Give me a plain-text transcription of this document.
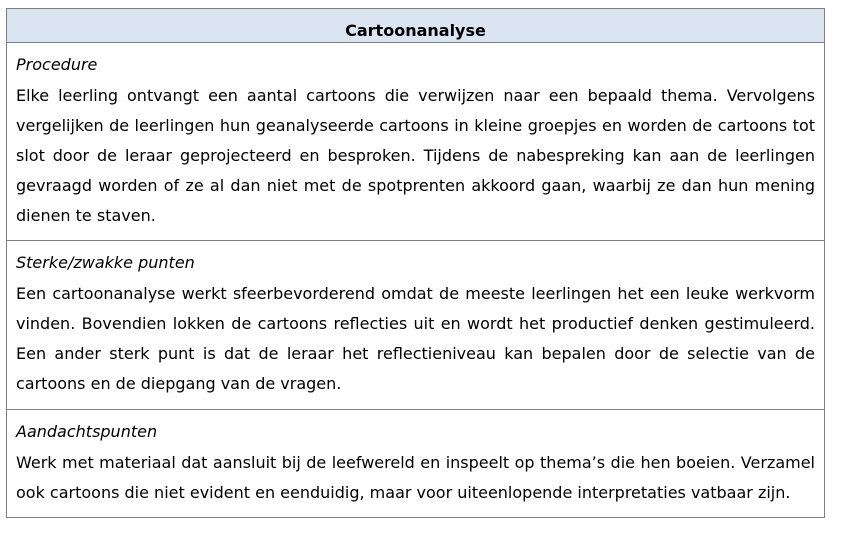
Cartoonanalyse
Procedure
Elke leerling ontvangt een aantal cartoons die verwijzen naar een bepaald thema. Vervolgens vergelijken de leerlingen hun geanalyseerde cartoons in kleine groepjes en worden de cartoons tot slot door de leraar geprojecteerd en besproken. Tijdens de nabespreking kan aan de leerlingen gevraagd worden of ze al dan niet met de spotprenten akkoord gaan, waarbij ze dan hun mening dienen te staven.
Sterke/zwakke punten
Een cartoonanalyse werkt sfeerbevorderend omdat de meeste leerlingen het een leuke werkvorm vinden. Bovendien lokken de cartoons reflecties uit en wordt het productief denken gestimuleerd. Een ander sterk punt is dat de leraar het reflectieniveau kan bepalen door de selectie van de cartoons en de diepgang van de vragen.
Aandachtspunten
Werk met materiaal dat aansluit bij de leefwereld en inspeelt op thema’s die hen boeien. Verzamel ook cartoons die niet evident en eenduidig, maar voor uiteenlopende interpretaties vatbaar zijn.
